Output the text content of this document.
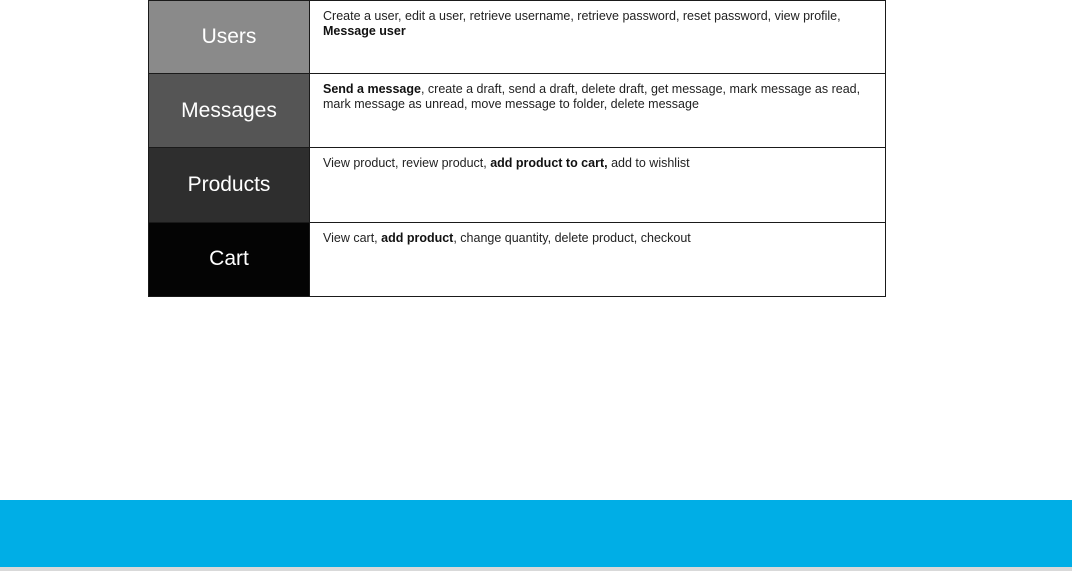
Users	Create a user, edit a user, retrieve username, retrieve password, reset password, view profile, Message user
Messages	Send a message, create a draft, send a draft, delete draft, get message, mark message as read, mark message as unread, move message to folder, delete message
Products	View product, review product, add product to cart, add to wishlist
Cart	View cart, add product, change quantity, delete product, checkout
